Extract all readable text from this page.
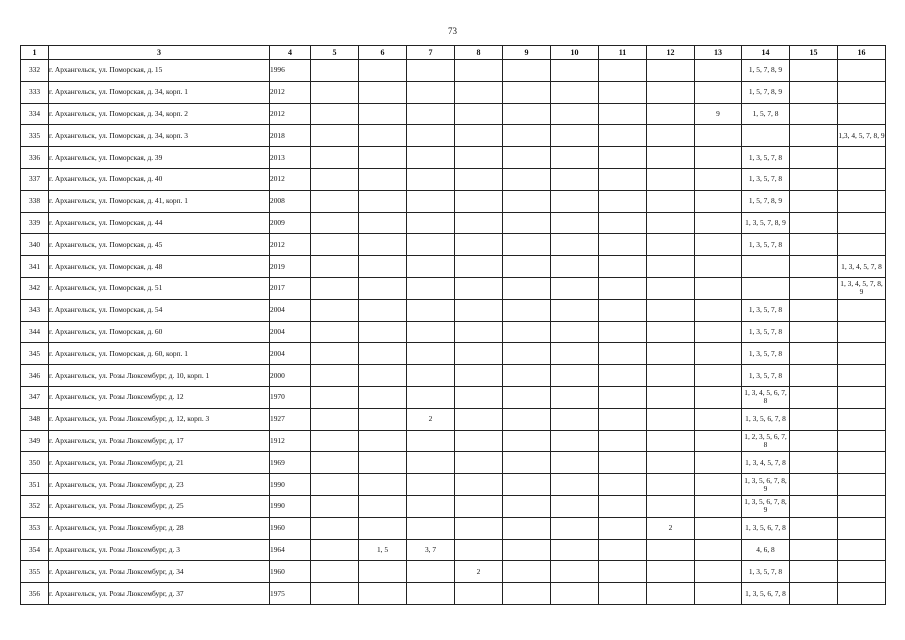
73
1	3	4	5	6	7	8	9	10	11	12	13	14	15	16
332	г. Архангельск, ул. Поморская, д. 15	1996										1, 5, 7, 8, 9		
333	г. Архангельск, ул. Поморская, д. 34, корп. 1	2012										1, 5, 7, 8, 9		
334	г. Архангельск, ул. Поморская, д. 34, корп. 2	2012									9	1, 5, 7, 8		
335	г. Архангельск, ул. Поморская, д. 34, корп. 3	2018												1,3, 4, 5, 7, 8, 9
336	г. Архангельск, ул. Поморская, д. 39	2013										1, 3, 5, 7, 8		
337	г. Архангельск, ул. Поморская, д. 40	2012										1, 3, 5, 7, 8		
338	г. Архангельск, ул. Поморская, д. 41, корп. 1	2008										1, 5, 7, 8, 9		
339	г. Архангельск, ул. Поморская, д. 44	2009										1, 3, 5, 7, 8, 9		
340	г. Архангельск, ул. Поморская, д. 45	2012										1, 3, 5, 7, 8		
341	г. Архангельск, ул. Поморская, д. 48	2019												1, 3, 4, 5, 7, 8
342	г. Архангельск, ул. Поморская, д. 51	2017												1, 3, 4, 5, 7, 8, 9
343	г. Архангельск, ул. Поморская, д. 54	2004										1, 3, 5, 7, 8		
344	г. Архангельск, ул. Поморская, д. 60	2004										1, 3, 5, 7, 8		
345	г. Архангельск, ул. Поморская, д. 60, корп. 1	2004										1, 3, 5, 7, 8		
346	г. Архангельск, ул. Розы Люксембург, д. 10, корп. 1	2000										1, 3, 5, 7, 8		
347	г. Архангельск, ул. Розы Люксембург, д. 12	1970										1, 3, 4, 5, 6, 7, 8		
348	г. Архангельск, ул. Розы Люксембург, д. 12, корп. 3	1927			2							1, 3, 5, 6, 7, 8		
349	г. Архангельск, ул. Розы Люксембург, д. 17	1912										1, 2, 3, 5, 6, 7, 8		
350	г. Архангельск, ул. Розы Люксембург, д. 21	1969										1, 3, 4, 5, 7, 8		
351	г. Архангельск, ул. Розы Люксембург, д. 23	1990										1, 3, 5, 6, 7, 8, 9		
352	г. Архангельск, ул. Розы Люксембург, д. 25	1990										1, 3, 5, 6, 7, 8, 9		
353	г. Архангельск, ул. Розы Люксембург, д. 28	1960								2		1, 3, 5, 6, 7, 8		
354	г. Архангельск, ул. Розы Люксембург, д. 3	1964		1, 5	3, 7							4, 6, 8		
355	г. Архангельск, ул. Розы Люксембург, д. 34	1960				2						1, 3, 5, 7, 8		
356	г. Архангельск, ул. Розы Люксембург, д. 37	1975										1, 3, 5, 6, 7, 8		
